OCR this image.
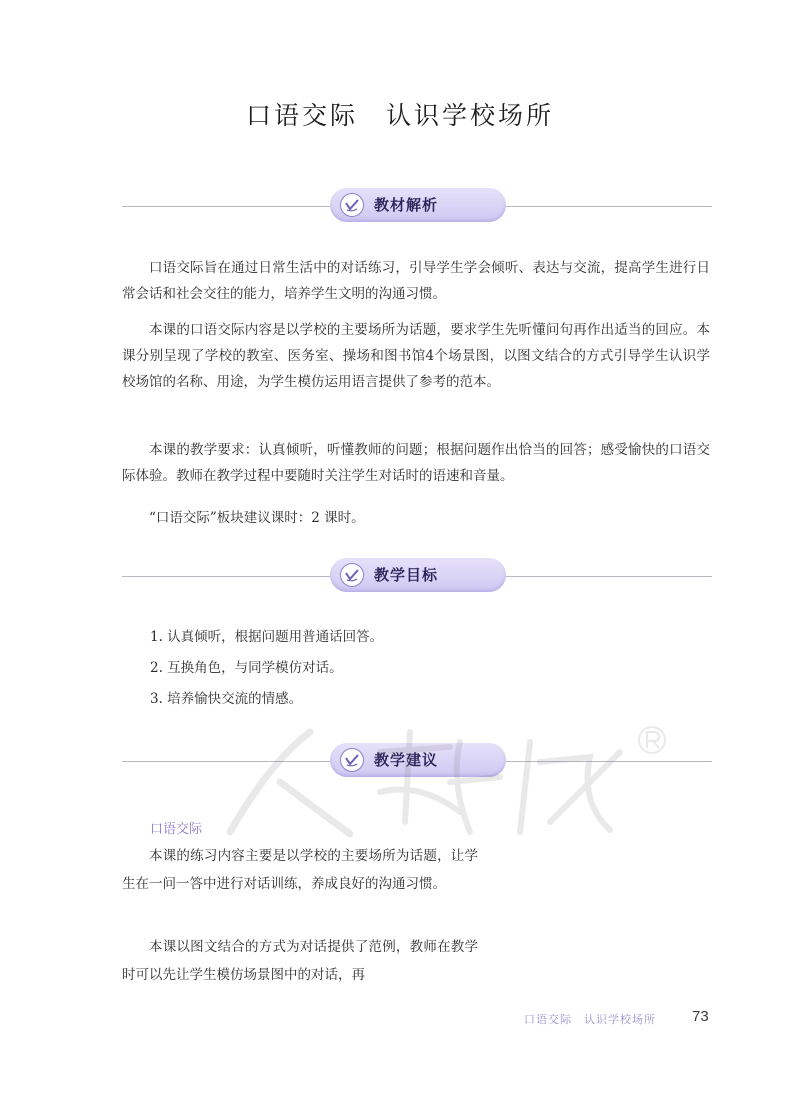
口语交际　认识学校场所
教材解析

口语交际旨在通过日常生活中的对话练习，引导学生学会倾听、表达与交流，提高学生进行日常会话和社会交往的能力，培养学生文明的沟通习惯。

本课的口语交际内容是以学校的主要场所为话题，要求学生先听懂问句再作出适当的回应。本课分别呈现了学校的教室、医务室、操场和图书馆4个场景图，以图文结合的方式引导学生认识学校场馆的名称、用途，为学生模仿运用语言提供了参考的范本。

本课的教学要求：认真倾听，听懂教师的问题；根据问题作出恰当的回答；感受愉快的口语交际体验。教师在教学过程中要随时关注学生对话时的语速和音量。

“口语交际”板块建议课时：2 课时。

教学目标

1. 认真倾听，根据问题用普通话回答。

2. 互换角色，与同学模仿对话。

3. 培养愉快交流的情感。

教学建议
口语交际

本课的练习内容主要是以学校的主要场所为话题，让学生在一问一答中进行对话训练，养成良好的沟通习惯。

本课以图文结合的方式为对话提供了范例，教师在教学时可以先让学生模仿场景图中的对话，再

口语交际　认识学校场所 73
